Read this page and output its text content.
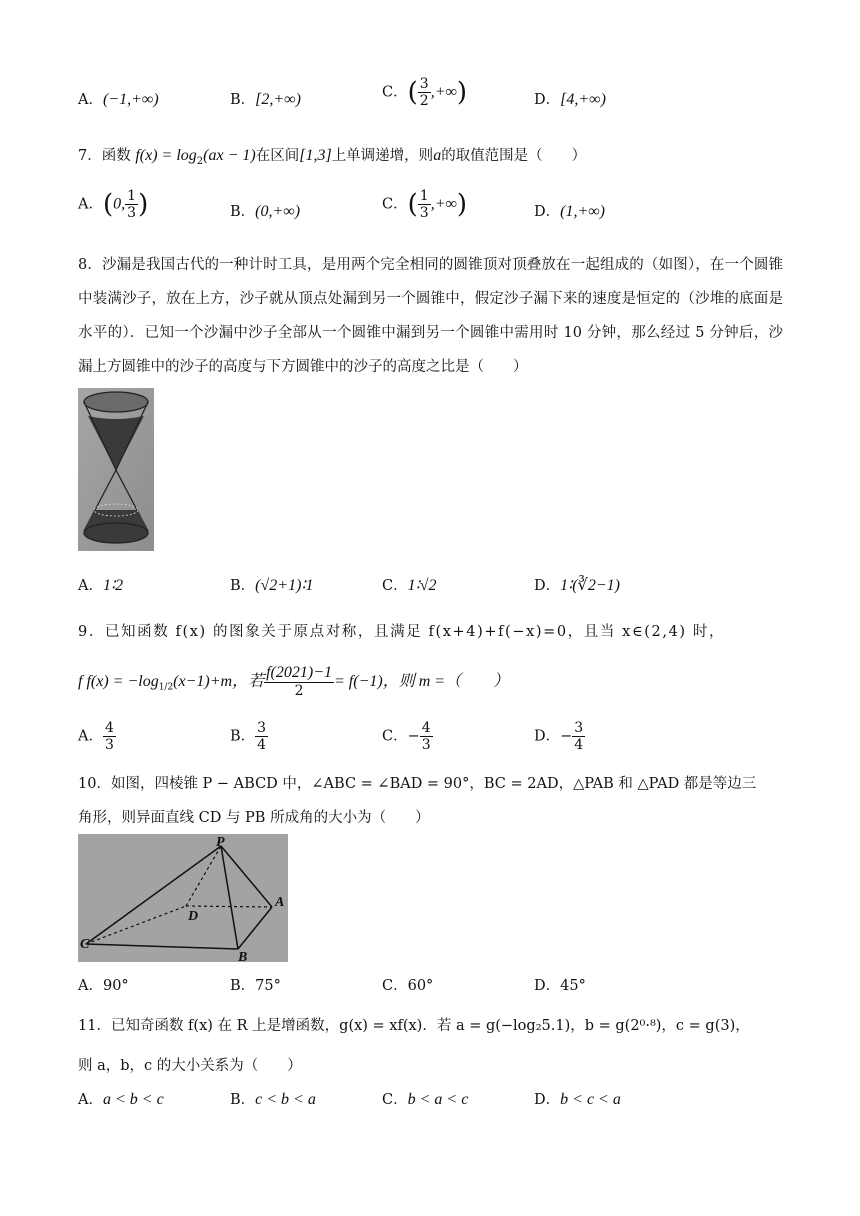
A．(−1,+∞)	B．[2,+∞)	C．( $\frac{3}{2}$ ,+∞)	D．[4,+∞)
7．函数 $f(x) = \log_2(ax - 1)$在区间[1,3]上单调递增，则a的取值范围是（　　）
A．(0, $\frac{1}{3}$ )	B．(0,+∞)	C．( $\frac{1}{3}$ ,+∞)	D．(1,+∞)
8．沙漏是我国古代的一种计时工具，是用两个完全相同的圆锥顶对顶叠放在一起组成的（如图），在一个圆锥中装满沙子，放在上方，沙子就从顶点处漏到另一个圆锥中，假定沙子漏下来的速度是恒定的（沙堆的底面是水平的）．已知一个沙漏中沙子全部从一个圆锥中漏到另一个圆锥中需用时 10 分钟，那么经过 5 分钟后，沙漏上方圆锥中的沙子的高度与下方圆锥中的沙子的高度之比是（　　）
A．1∶2	B．(√2+1)∶1	C．1∶√2	D．1∶(∛2−1)
9．已知函数 f(x) 的图象关于原点对称，且满足 f(x+4)+f(−x)=0，且当 x∈(2,4) 时，
f $f(x) = -\log_{1/2}(x-1)+m$，若 $\frac{f(2021)-1}{2} = f(-1)$，则 m =（　　）
A． $\frac{4}{3}$	B． $\frac{3}{4}$	C．− $\frac{4}{3}$	D．− $\frac{3}{4}$
10．如图，四棱锥 P − ABCD 中，∠ABC = ∠BAD = 90°，BC = 2AD，△PAB 和 △PAD 都是等边三
角形，则异面直线 CD 与 PB 所成角的大小为（　　）
P
D
A
C
B
A．90°	B．75°	C．60°	D．45°
11．已知奇函数 f(x) 在 R 上是增函数，g(x) = xf(x)．若 a = g(−log₂5.1)，b = g(2⁰·⁸)，c = g(3)，
则 a，b，c 的大小关系为（　　）
A．a < b < c	B．c < b < a	C．b < a < c	D．b < c < a
